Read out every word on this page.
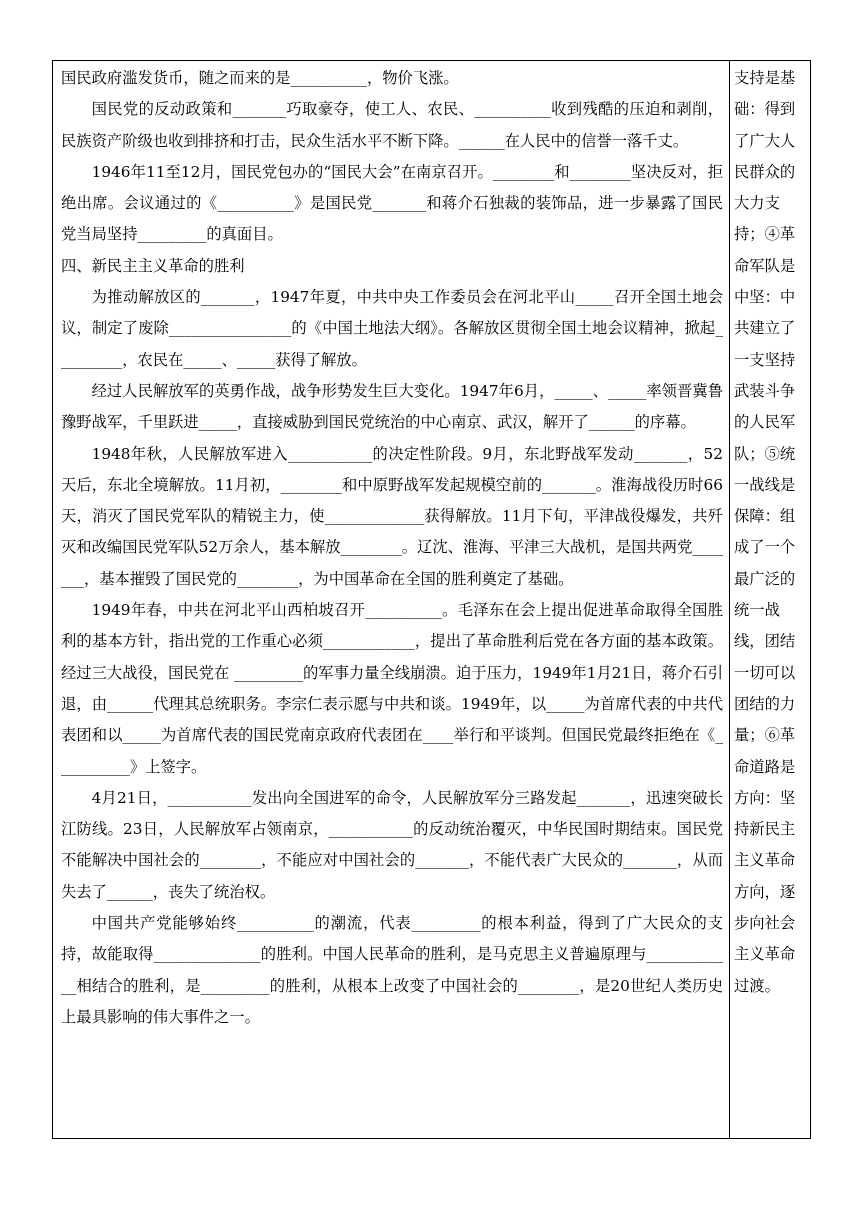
国民政府滥发货币，随之而来的是__________，物价飞涨。

国民党的反动政策和_______巧取豪夺，使工人、农民、__________收到残酷的压迫和剥削，民族资产阶级也收到排挤和打击，民众生活水平不断下降。______在人民中的信誉一落千丈。

1946年11至12月，国民党包办的“国民大会”在南京召开。________和________坚决反对，拒绝出席。会议通过的《__________》是国民党_______和蒋介石独裁的装饰品，进一步暴露了国民党当局坚持_________的真面目。

四、新民主主义革命的胜利

为推动解放区的_______，1947年夏，中共中央工作委员会在河北平山_____召开全国土地会议，制定了废除________________的《中国土地法大纲》。各解放区贯彻全国土地会议精神，掀起_________，农民在_____、_____获得了解放。

经过人民解放军的英勇作战，战争形势发生巨大变化。1947年6月，_____、_____率领晋冀鲁豫野战军，千里跃进_____，直接威胁到国民党统治的中心南京、武汉，解开了______的序幕。

1948年秋，人民解放军进入___________的决定性阶段。9月，东北野战军发动_______，52天后，东北全境解放。11月初，________和中原野战军发起规模空前的_______。淮海战役历时66天，消灭了国民党军队的精锐主力，使_____________获得解放。11月下旬，平津战役爆发，共歼灭和改编国民党军队52万余人，基本解放________。辽沈、淮海、平津三大战机，是国共两党_______，基本摧毁了国民党的________，为中国革命在全国的胜利奠定了基础。

1949年春，中共在河北平山西柏坡召开__________。毛泽东在会上提出促进革命取得全国胜利的基本方针，指出党的工作重心必须____________，提出了革命胜利后党在各方面的基本政策。经过三大战役，国民党在 _________的军事力量全线崩溃。迫于压力，1949年1月21日，蒋介石引退，由______代理其总统职务。李宗仁表示愿与中共和谈。1949年，以_____为首席代表的中共代表团和以_____为首席代表的国民党南京政府代表团在____举行和平谈判。但国民党最终拒绝在《__________》上签字。

4月21日，___________发出向全国进军的命令，人民解放军分三路发起_______，迅速突破长江防线。23日，人民解放军占领南京，___________的反动统治覆灭，中华民国时期结束。国民党不能解决中国社会的________，不能应对中国社会的_______，不能代表广大民众的_______，从而失去了______，丧失了统治权。

中国共产党能够始终__________的潮流，代表_________的根本利益，得到了广大民众的支持，故能取得______________的胜利。中国人民革命的胜利，是马克思主义普遍原理与____________相结合的胜利，是_________的胜利，从根本上改变了中国社会的________，是20世纪人类历史上最具影响的伟大事件之一。

支持是基础：得到了广大人民群众的大力支持；④革命军队是中坚：中共建立了一支坚持武装斗争的人民军队；⑤统一战线是保障：组成了一个最广泛的统一战线，团结一切可以团结的力量；⑥革命道路是方向：坚持新民主主义革命方向，逐步向社会主义革命过渡。
